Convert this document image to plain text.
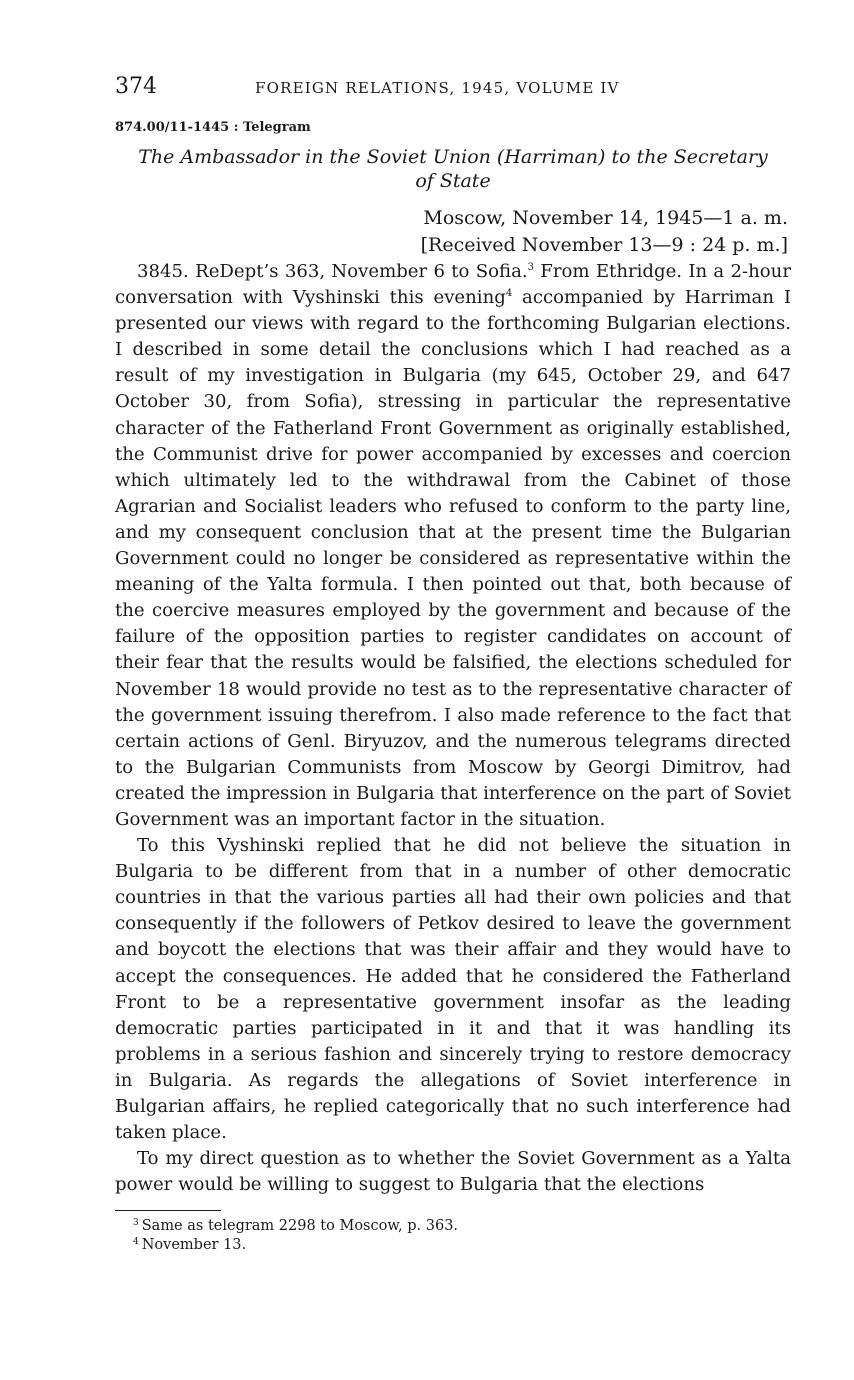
374	FOREIGN RELATIONS, 1945, VOLUME IV
874.00/11-1445 : Telegram
The Ambassador in the Soviet Union (Harriman) to the Secretary
of State
Moscow, November 14, 1945—1 a. m.
[Received November 13—9 : 24 p. m.]

3845. ReDept’s 363, November 6 to Sofia.$^3$ From Ethridge. In a 2-hour conversation with Vyshinski this evening$^4$ accompanied by Harriman I presented our views with regard to the forthcoming Bulgarian elections. I described in some detail the conclusions which I had reached as a result of my investigation in Bulgaria (my 645, October 29, and 647 October 30, from Sofia), stressing in particular the representative character of the Fatherland Front Government as originally established, the Communist drive for power accompanied by excesses and coercion which ultimately led to the withdrawal from the Cabinet of those Agrarian and Socialist leaders who refused to conform to the party line, and my consequent conclusion that at the present time the Bulgarian Government could no longer be considered as representative within the meaning of the Yalta formula. I then pointed out that, both because of the coercive measures employed by the government and because of the failure of the opposition parties to register candidates on account of their fear that the results would be falsified, the elections scheduled for November 18 would provide no test as to the representative character of the government issuing therefrom. I also made reference to the fact that certain actions of Genl. Biryuzov, and the numerous telegrams directed to the Bulgarian Communists from Moscow by Georgi Dimitrov, had created the impression in Bulgaria that interference on the part of Soviet Government was an important factor in the situation.

To this Vyshinski replied that he did not believe the situation in Bulgaria to be different from that in a number of other democratic countries in that the various parties all had their own policies and that consequently if the followers of Petkov desired to leave the government and boycott the elections that was their affair and they would have to accept the consequences. He added that he considered the Fatherland Front to be a representative government insofar as the leading democratic parties participated in it and that it was handling its problems in a serious fashion and sincerely trying to restore democracy in Bulgaria. As regards the allegations of Soviet interference in Bulgarian affairs, he replied categorically that no such interference had taken place.

To my direct question as to whether the Soviet Government as a Yalta power would be willing to suggest to Bulgaria that the elections

$^3$ Same as telegram 2298 to Moscow, p. 363.
$^4$ November 13.
